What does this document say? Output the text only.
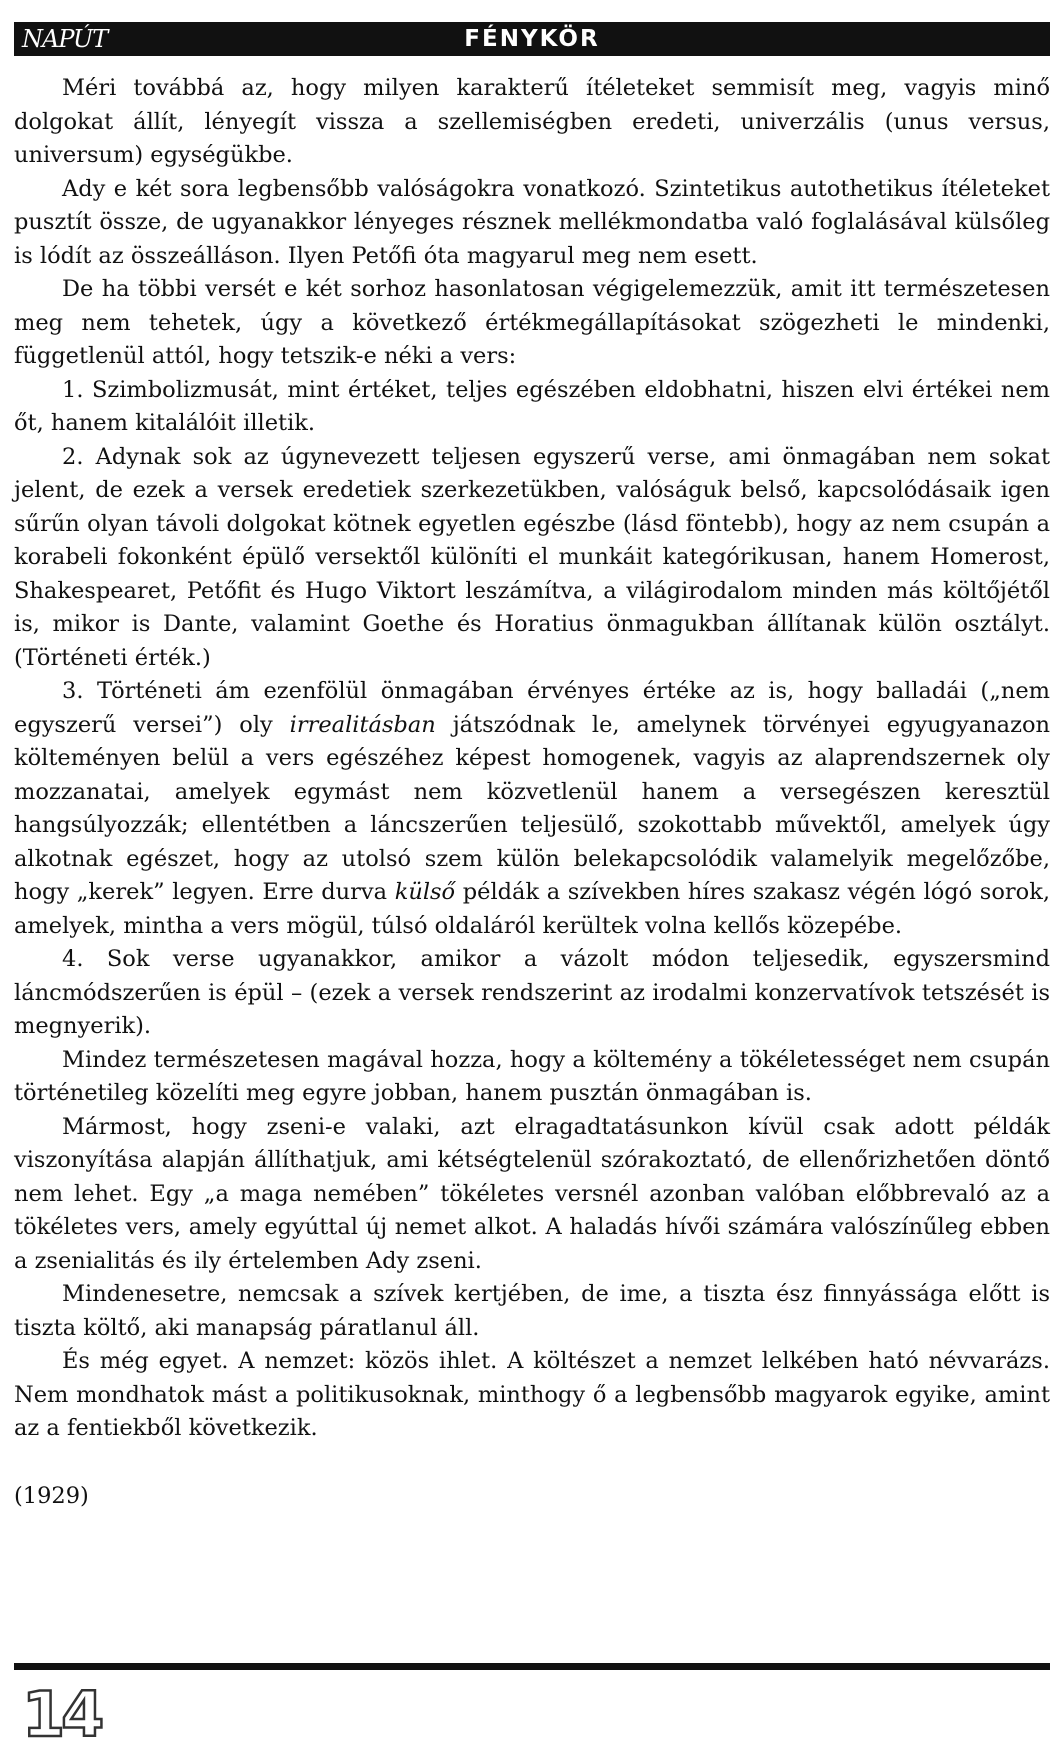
NAPÚT	FÉNYKÖR

Méri továbbá az, hogy milyen karakterű ítéleteket semmisít meg, vagyis minő dolgokat állít, lényegít vissza a szellemiségben eredeti, univerzális (unus versus, universum) egységükbe.

Ady e két sora legbensőbb valóságokra vonatkozó. Szintetikus autothetikus ítéleteket pusztít össze, de ugyanakkor lényeges résznek mellékmondatba való foglalásával külsőleg is lódít az összeálláson. Ilyen Petőfi óta magyarul meg nem esett.

De ha többi versét e két sorhoz hasonlatosan végigelemezzük, amit itt természetesen meg nem tehetek, úgy a következő értékmegállapításokat szögezheti le mindenki, függetlenül attól, hogy tetszik-e néki a vers:

1. Szimbolizmusát, mint értéket, teljes egészében eldobhatni, hiszen elvi értékei nem őt, hanem kitalálóit illetik.

2. Adynak sok az úgynevezett teljesen egyszerű verse, ami önmagában nem sokat jelent, de ezek a versek eredetiek szerkezetükben, valóságuk belső, kapcsolódásaik igen sűrűn olyan távoli dolgokat kötnek egyetlen egészbe (lásd föntebb), hogy az nem csupán a korabeli fokonként épülő versektől különíti el munkáit kategórikusan, hanem Homerost, Shakespearet, Petőfit és Hugo Viktort leszámítva, a világirodalom minden más költőjétől is, mikor is Dante, valamint Goethe és Horatius önmagukban állítanak külön osztályt. (Történeti érték.)

3. Történeti ám ezenfölül önmagában érvényes értéke az is, hogy balladái („nem egyszerű versei”) oly irrealitásban játszódnak le, amelynek törvényei egyugyanazon költeményen belül a vers egészéhez képest homogenek, vagyis az alaprendszernek oly mozzanatai, amelyek egymást nem közvetlenül hanem a versegészen keresztül hangsúlyozzák; ellentétben a láncszerűen teljesülő, szokottabb művektől, amelyek úgy alkotnak egészet, hogy az utolsó szem külön belekapcsolódik valamelyik megelőzőbe, hogy „kerek” legyen. Erre durva külső példák a szívekben híres szakasz végén lógó sorok, amelyek, mintha a vers mögül, túlsó oldaláról kerültek volna kellős közepébe.

4. Sok verse ugyanakkor, amikor a vázolt módon teljesedik, egyszersmind láncmódszerűen is épül – (ezek a versek rendszerint az irodalmi konzervatívok tetszését is megnyerik).

Mindez természetesen magával hozza, hogy a költemény a tökéletességet nem csupán történetileg közelíti meg egyre jobban, hanem pusztán önmagában is.

Mármost, hogy zseni-e valaki, azt elragadtatásunkon kívül csak adott példák viszonyítása alapján állíthatjuk, ami kétségtelenül szórakoztató, de ellenőrizhetően döntő nem lehet. Egy „a maga nemében” tökéletes versnél azonban valóban előbbrevaló az a tökéletes vers, amely egyúttal új nemet alkot. A haladás hívői számára valószínűleg ebben a zsenialitás és ily értelemben Ady zseni.

Mindenesetre, nemcsak a szívek kertjében, de ime, a tiszta ész finnyássága előtt is tiszta költő, aki manapság páratlanul áll.

És még egyet. A nemzet: közös ihlet. A költészet a nemzet lelkében ható névvarázs. Nem mondhatok mást a politikusoknak, minthogy ő a legbensőbb magyarok egyike, amint az a fentiekből következik.

(1929)

14
